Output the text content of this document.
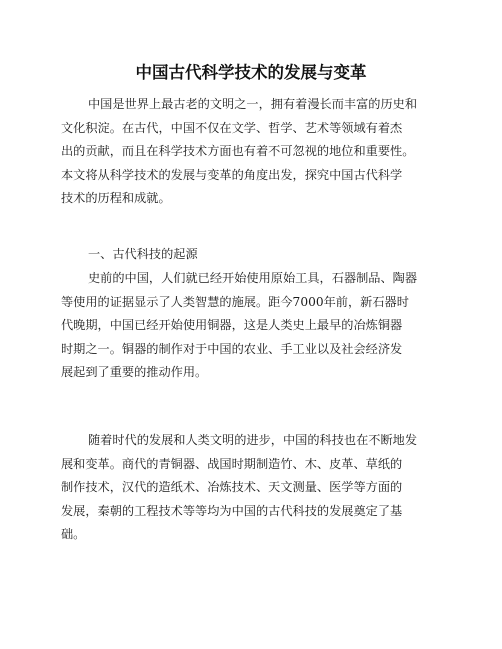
中国古代科学技术的发展与变革

中国是世界上最古老的文明之一，拥有着漫长而丰富的历史和
文化积淀。在古代，中国不仅在文学、哲学、艺术等领域有着杰
出的贡献，而且在科学技术方面也有着不可忽视的地位和重要性。
本文将从科学技术的发展与变革的角度出发，探究中国古代科学
技术的历程和成就。

一、古代科技的起源

史前的中国，人们就已经开始使用原始工具，石器制品、陶器
等使用的证据显示了人类智慧的施展。距今7000年前，新石器时
代晚期，中国已经开始使用铜器，这是人类史上最早的冶炼铜器
时期之一。铜器的制作对于中国的农业、手工业以及社会经济发
展起到了重要的推动作用。

随着时代的发展和人类文明的进步，中国的科技也在不断地发
展和变革。商代的青铜器、战国时期制造竹、木、皮革、草纸的
制作技术，汉代的造纸术、冶炼技术、天文测量、医学等方面的
发展，秦朝的工程技术等等均为中国的古代科技的发展奠定了基
础。
